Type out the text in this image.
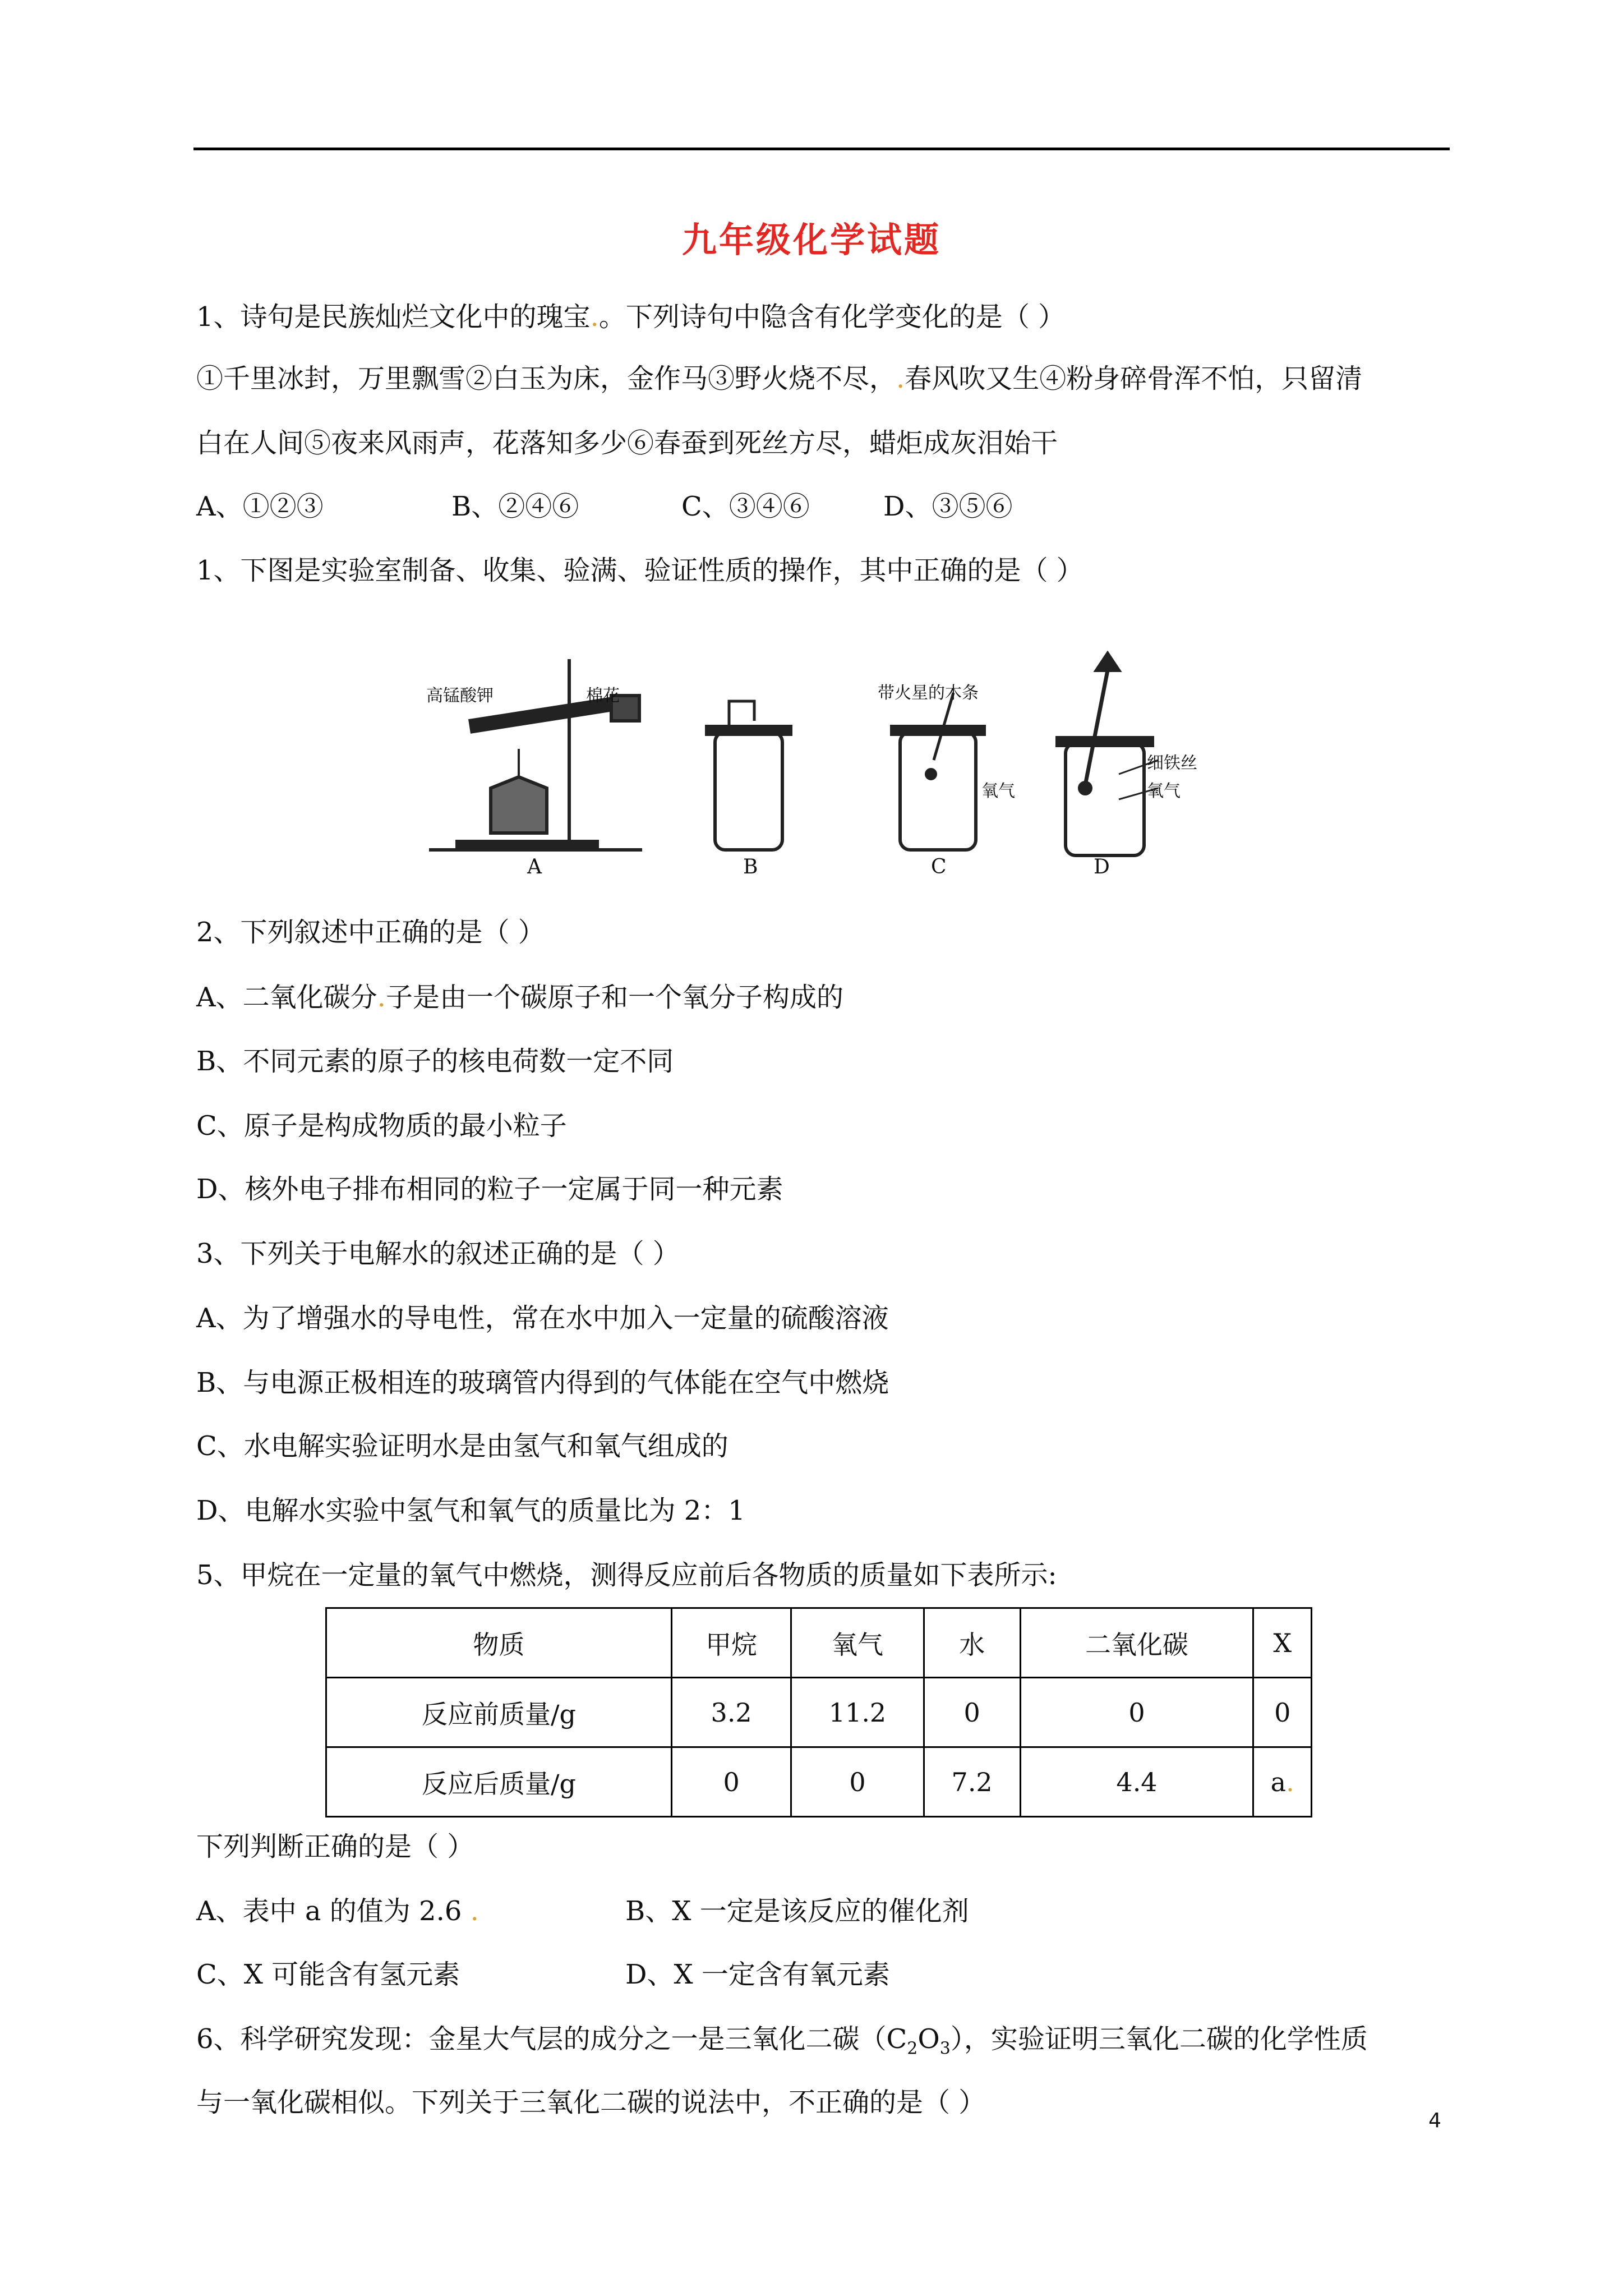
九年级化学试题
1、诗句是民族灿烂文化中的瑰宝.。下列诗句中隐含有化学变化的是（ ）
①千里冰封，万里飘雪②白玉为床，金作马③野火烧不尽，.春风吹又生④粉身碎骨浑不怕，只留清
白在人间⑤夜来风雨声，花落知多少⑥春蚕到死丝方尽，蜡炬成灰泪始干
A、①②③	B、②④⑥	C、③④⑥	D、③⑤⑥
1、下图是实验室制备、收集、验满、验证性质的操作，其中正确的是（ ）
高锰酸钾	棉花	带火星的木条
氧气
细铁丝
氧气
A	B	C	D
2、下列叙述中正确的是（ ）
A、二氧化碳分.子是由一个碳原子和一个氧分子构成的
B、不同元素的原子的核电荷数一定不同
C、原子是构成物质的最小粒子
D、核外电子排布相同的粒子一定属于同一种元素
3、下列关于电解水的叙述正确的是（ ）
A、为了增强水的导电性，常在水中加入一定量的硫酸溶液
B、与电源正极相连的玻璃管内得到的气体能在空气中燃烧
C、水电解实验证明水是由氢气和氧气组成的
D、电解水实验中氢气和氧气的质量比为 2：1
5、甲烷在一定量的氧气中燃烧，测得反应前后各物质的质量如下表所示:
物质	甲烷	氧气	水	二氧化碳	X
反应前质量/g	3.2	11.2	0	0	0
反应后质量/g	0	0	7.2	4.4	a.
下列判断正确的是（ ）
A、表中 a 的值为 2.6 .	B、X 一定是该反应的催化剂
C、X 可能含有氢元素	D、X 一定含有氧元素
6、科学研究发现：金星大气层的成分之一是三氧化二碳$(C_2O_3)$，实验证明三氧化二碳的化学性质
与一氧化碳相似。下列关于三氧化二碳的说法中，不正确的是（ ）
4
